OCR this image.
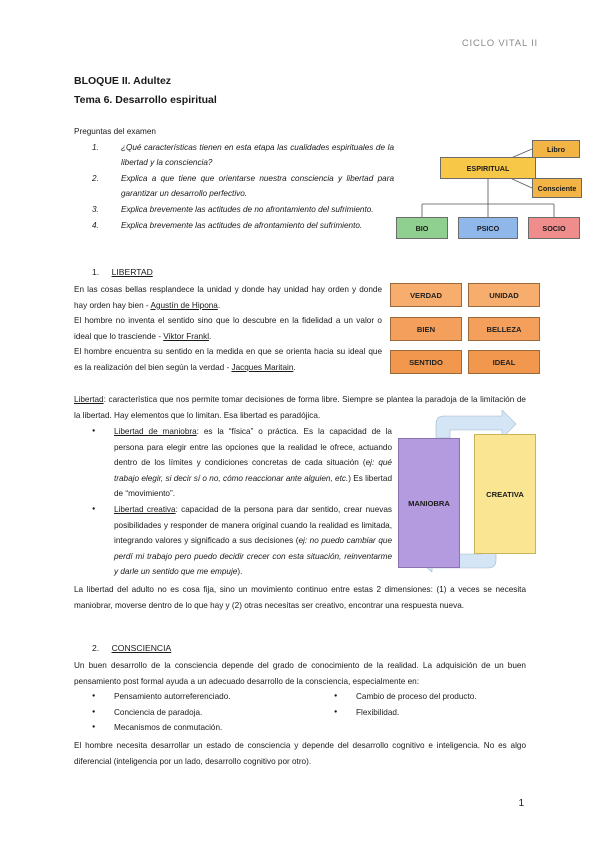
CICLO VITAL II
BLOQUE II. Adultez
Tema 6. Desarrollo espiritual
Preguntas del examen
1.	¿Qué características tienen en esta etapa las cualidades espirituales de la libertad y la consciencia?
2.	Explica a que tiene que orientarse nuestra consciencia y libertad para garantizar un desarrollo perfectivo.
3.	Explica brevemente las actitudes de no afrontamiento del sufrimiento.
4.	Explica brevemente las actitudes de afrontamiento del sufrimiento.
ESPIRITUAL
Libro
Consciente
BIO	PSICO	SOCIO
1. LIBERTAD
En las cosas bellas resplandece la unidad y donde hay unidad hay orden y donde hay orden hay bien - Agustín de Hipona.
El hombre no inventa el sentido sino que lo descubre en la fidelidad a un valor o ideal que lo trasciende - Viktor Frankl.
El hombre encuentra su sentido en la medida en que se orienta hacia su ideal que es la realización del bien según la verdad - Jacques Maritain.
VERDAD	UNIDAD
BIEN	BELLEZA
SENTIDO	IDEAL
Libertad: característica que nos permite tomar decisiones de forma libre. Siempre se plantea la paradoja de la limitación de la libertad. Hay elementos que lo limitan. Esa libertad es paradójica.
● Libertad de maniobra: es la “física” o práctica. Es la capacidad de la persona para elegir entre las opciones que la realidad le ofrece, actuando dentro de los límites y condiciones concretas de cada situación (ej: qué trabajo elegir, si decir sí o no, cómo reaccionar ante alguien, etc.) Es libertad de “movimiento”.
● Libertad creativa: capacidad de la persona para dar sentido, crear nuevas posibilidades y responder de manera original cuando la realidad es limitada, integrando valores y significado a sus decisiones (ej: no puedo cambiar que perdí mi trabajo pero puedo decidir crecer con esta situación, reinventarme y darle un sentido que me empuje).
MANIOBRA
CREATIVA
La libertad del adulto no es cosa fija, sino un movimiento continuo entre estas 2 dimensiones: (1) a veces se necesita maniobrar, moverse dentro de lo que hay y (2) otras necesitas ser creativo, encontrar una respuesta nueva.
2. CONSCIENCIA
Un buen desarrollo de la consciencia depende del grado de conocimiento de la realidad. La adquisición de un buen pensamiento post formal ayuda a un adecuado desarrollo de la consciencia, especialmente en:
● Pensamiento autorreferenciado.
● Conciencia de paradoja.
● Mecanismos de conmutación.
● Cambio de proceso del producto.
● Flexibilidad.
El hombre necesita desarrollar un estado de consciencia y depende del desarrollo cognitivo e inteligencia. No es algo diferencial (inteligencia por un lado, desarrollo cognitivo por otro).
1
